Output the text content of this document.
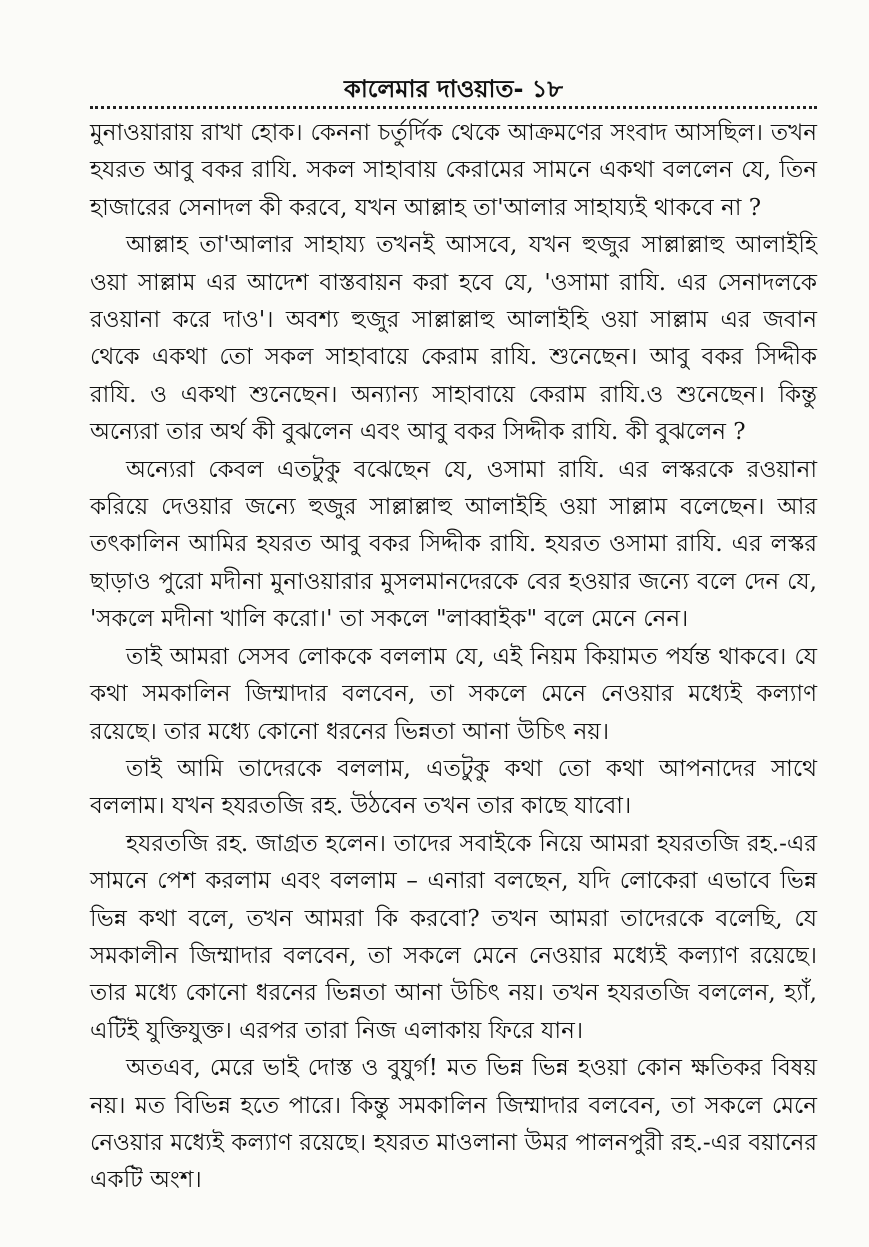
কালেমার দাওয়াত- ১৮

মুনাওয়ারায় রাখা হোক। কেননা চর্তুর্দিক থেকে আক্রমণের সংবাদ আসছিল। তখন হযরত আবু বকর রাযি. সকল সাহাবায় কেরামের সামনে একথা বললেন যে, তিন হাজারের সেনাদল কী করবে, যখন আল্লাহ তা'আলার সাহায্যই থাকবে না ?

আল্লাহ তা'আলার সাহায্য তখনই আসবে, যখন হুজুর সাল্লাল্লাহু আলাইহি ওয়া সাল্লাম এর আদেশ বাস্তবায়ন করা হবে যে, 'ওসামা রাযি. এর সেনাদলকে রওয়ানা করে দাও'। অবশ্য হুজুর সাল্লাল্লাহু আলাইহি ওয়া সাল্লাম এর জবান থেকে একথা তো সকল সাহাবায়ে কেরাম রাযি. শুনেছেন। আবু বকর সিদ্দীক রাযি. ও একথা শুনেছেন। অন্যান্য সাহাবায়ে কেরাম রাযি.ও শুনেছেন। কিন্তু অন্যেরা তার অর্থ কী বুঝলেন এবং আবু বকর সিদ্দীক রাযি. কী বুঝলেন ?

অন্যেরা কেবল এতটুকু বঝেছেন যে, ওসামা রাযি. এর লস্করকে রওয়ানা করিয়ে দেওয়ার জন্যে হুজুর সাল্লাল্লাহু আলাইহি ওয়া সাল্লাম বলেছেন। আর তৎকালিন আমির হযরত আবু বকর সিদ্দীক রাযি. হযরত ওসামা রাযি. এর লস্কর ছাড়াও পুরো মদীনা মুনাওয়ারার মুসলমানদেরকে বের হওয়ার জন্যে বলে দেন যে, 'সকলে মদীনা খালি করো।' তা সকলে "লাব্বাইক" বলে মেনে নেন।

তাই আমরা সেসব লোককে বললাম যে, এই নিয়ম কিয়ামত পর্যন্ত থাকবে। যে কথা সমকালিন জিম্মাদার বলবেন, তা সকলে মেনে নেওয়ার মধ্যেই কল্যাণ রয়েছে। তার মধ্যে কোনো ধরনের ভিন্নতা আনা উচিৎ নয়।

তাই আমি তাদেরকে বললাম, এতটুকু কথা তো কথা আপনাদের সাথে বললাম। যখন হযরতজি রহ. উঠবেন তখন তার কাছে যাবো।

হযরতজি রহ. জাগ্রত হলেন। তাদের সবাইকে নিয়ে আমরা হযরতজি রহ.-এর সামনে পেশ করলাম এবং বললাম – এনারা বলছেন, যদি লোকেরা এভাবে ভিন্ন ভিন্ন কথা বলে, তখন আমরা কি করবো? তখন আমরা তাদেরকে বলেছি, যে সমকালীন জিম্মাদার বলবেন, তা সকলে মেনে নেওয়ার মধ্যেই কল্যাণ রয়েছে। তার মধ্যে কোনো ধরনের ভিন্নতা আনা উচিৎ নয়। তখন হযরতজি বললেন, হ্যাঁ, এটিই যুক্তিযুক্ত। এরপর তারা নিজ এলাকায় ফিরে যান।

অতএব, মেরে ভাই দোস্ত ও বুযুর্গ! মত ভিন্ন ভিন্ন হওয়া কোন ক্ষতিকর বিষয় নয়। মত বিভিন্ন হতে পারে। কিন্তু সমকালিন জিম্মাদার বলবেন, তা সকলে মেনে নেওয়ার মধ্যেই কল্যাণ রয়েছে। হযরত মাওলানা উমর পালনপুরী রহ.-এর বয়ানের একটি অংশ।
